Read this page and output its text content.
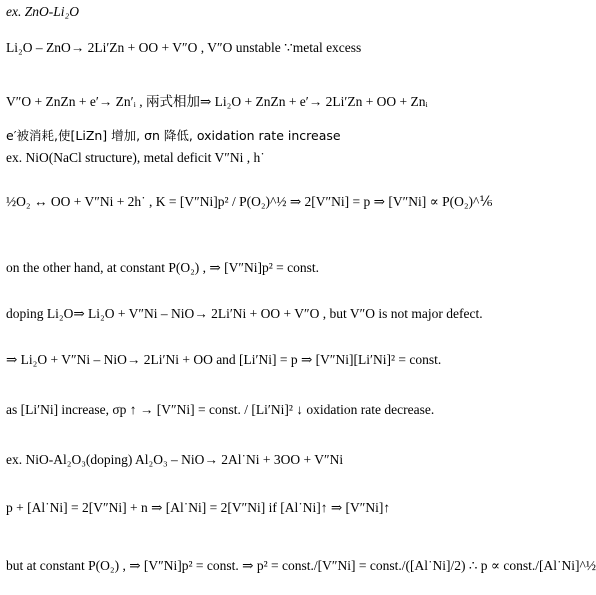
ex. ZnO-Li₂O
Li₂O – ZnO→ 2Li′Zn + OO + V″O , V″O unstable ∵metal excess
V″O + ZnZn + e′→ Zn′ᵢ , 兩式相加⇒ Li₂O + ZnZn + e′→ 2Li′Zn + OO + Znᵢ
e′被消耗,使[LiZn] 增加, σn 降低, oxidation rate increase
ex. NiO(NaCl structure), metal deficit V″Ni , h˙
½O₂ ↔ OO + V″Ni + 2h˙ , K = [V″Ni]p² / P(O₂)^½ ⇒ 2[V″Ni] = p ⇒ [V″Ni] ∝ P(O₂)^⅙
on the other hand, at constant P(O₂) , ⇒ [V″Ni]p² = const.
doping Li₂O⇒ Li₂O + V″Ni – NiO→ 2Li′Ni + OO + V″O , but V″O is not major defect.
⇒ Li₂O + V″Ni – NiO→ 2Li′Ni + OO and [Li′Ni] = p ⇒ [V″Ni][Li′Ni]² = const.
as [Li′Ni] increase, σp ↑ → [V″Ni] = const. / [Li′Ni]² ↓ oxidation rate decrease.
ex. NiO-Al₂O₃(doping) Al₂O₃ – NiO→ 2Al˙Ni + 3OO + V″Ni
p + [Al˙Ni] = 2[V″Ni] + n ⇒ [Al˙Ni] = 2[V″Ni] if [Al˙Ni]↑ ⇒ [V″Ni]↑
but at constant P(O₂) , ⇒ [V″Ni]p² = const. ⇒ p² = const./[V″Ni] = const./([Al˙Ni]/2) ∴ p ∝ const./[Al˙Ni]^½
